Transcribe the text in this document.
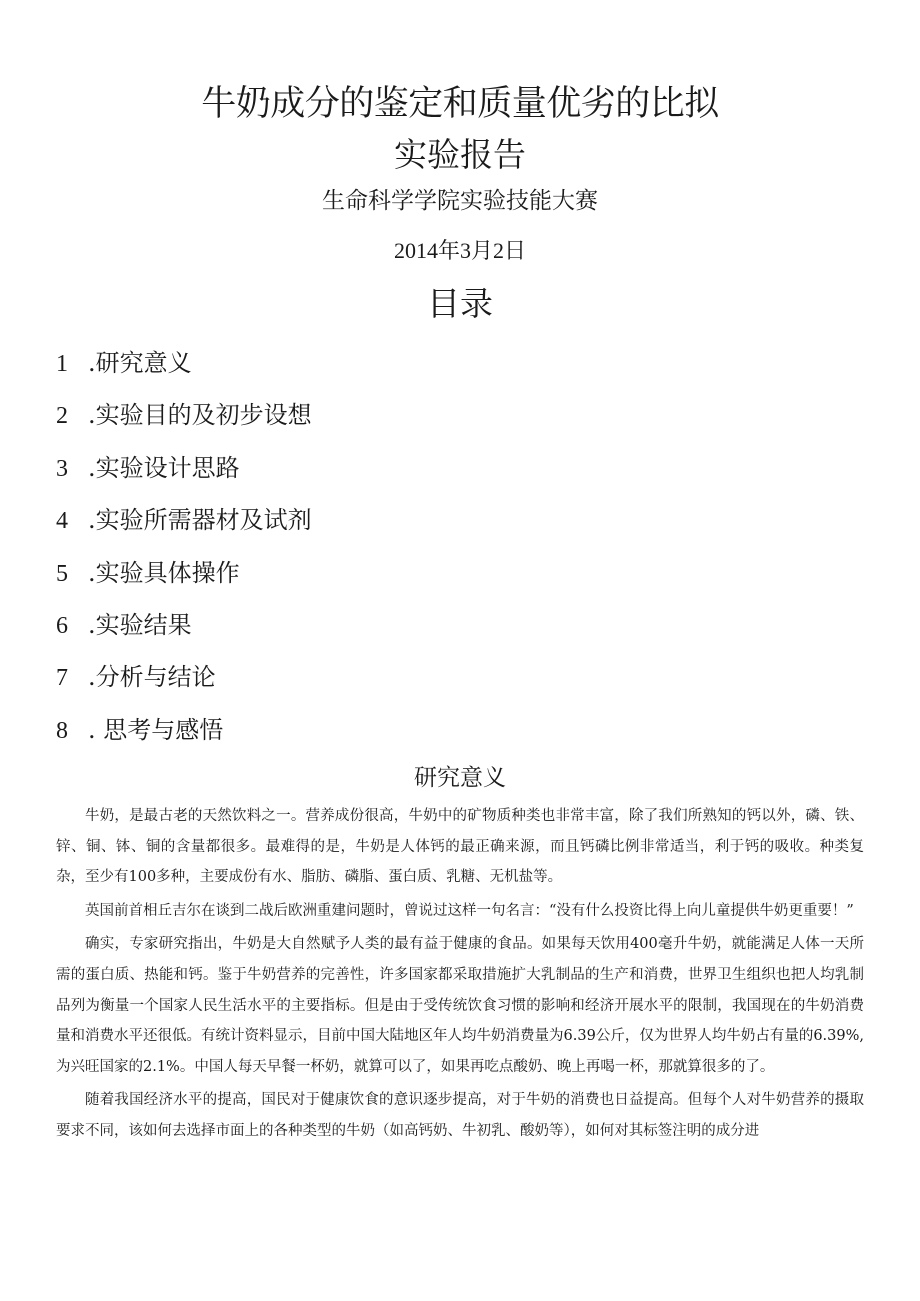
牛奶成分的鉴定和质量优劣的比拟
实验报告
生命科学学院实验技能大赛
2014年3月2日
目录
1 .研究意义
2 .实验目的及初步设想
3 .实验设计思路
4 .实验所需器材及试剂
5 .实验具体操作
6 .实验结果
7 .分析与结论
8 . 思考与感悟
研究意义

牛奶，是最古老的天然饮料之一。营养成份很高，牛奶中的矿物质种类也非常丰富，除了我们所熟知的钙以外，磷、铁、锌、铜、钵、铜的含量都很多。最难得的是，牛奶是人体钙的最正确来源，而且钙磷比例非常适当，利于钙的吸收。种类复杂，至少有100多种，主要成份有水、脂肪、磷脂、蛋白质、乳糖、无机盐等。

英国前首相丘吉尔在谈到二战后欧洲重建问题时，曾说过这样一句名言：“没有什么投资比得上向儿童提供牛奶更重要！”

确实，专家研究指出，牛奶是大自然赋予人类的最有益于健康的食品。如果每天饮用400毫升牛奶，就能满足人体一天所需的蛋白质、热能和钙。鉴于牛奶营养的完善性，许多国家都采取措施扩大乳制品的生产和消费，世界卫生组织也把人均乳制品列为衡量一个国家人民生活水平的主要指标。但是由于受传统饮食习惯的影响和经济开展水平的限制，我国现在的牛奶消费量和消费水平还很低。有统计资料显示，目前中国大陆地区年人均牛奶消费量为6.39公斤，仅为世界人均牛奶占有量的6.39%,为兴旺国家的2.1%。中国人每天早餐一杯奶，就算可以了，如果再吃点酸奶、晚上再喝一杯，那就算很多的了。

随着我国经济水平的提高，国民对于健康饮食的意识逐步提高，对于牛奶的消费也日益提高。但每个人对牛奶营养的摄取要求不同，该如何去选择市面上的各种类型的牛奶（如高钙奶、牛初乳、酸奶等），如何对其标签注明的成分进
